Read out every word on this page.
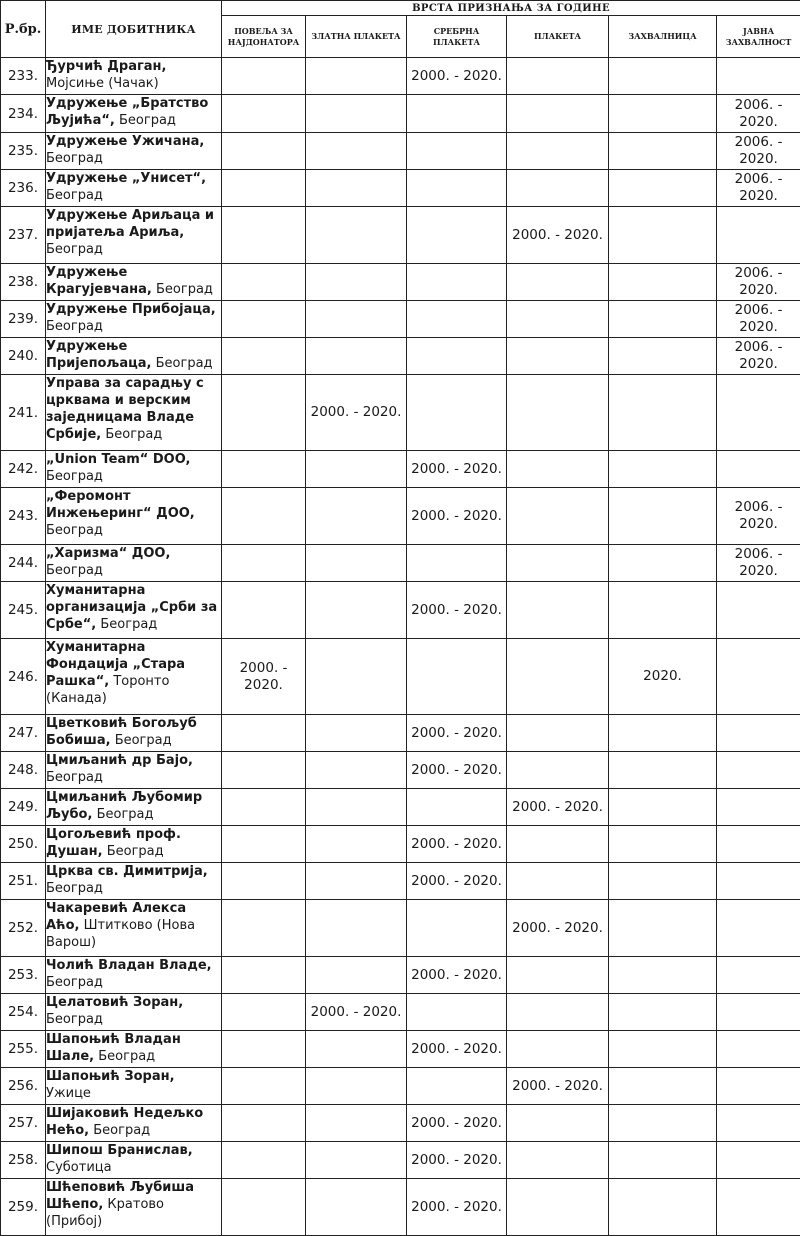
Р.бр.	ИМЕ ДОБИТНИКА	ВРСТА ПРИЗНАЊА ЗА ГОДИНЕ					
		ПОВЕЉА ЗА
НАЈДОНАТОРА	ЗЛАТНА ПЛАКЕТА	СРЕБРНА
ПЛАКЕТА	ПЛАКЕТА	ЗАХВАЛНИЦА	ЈАВНА
ЗАХВАЛНОСТ
233.	Ђурчић Драган, Мојсиње (Чачак)			2000. - 2020.			
234.	Удружење „Братство Љујића“, Београд						2006. -
2020.
235.	Удружење Ужичана, Београд						2006. -
2020.
236.	Удружење „Унисет“, Београд						2006. -
2020.
237.	Удружење Ариљаца и пријатеља Ариља, Београд				2000. - 2020.		
238.	Удружење Крагујевчана, Београд						2006. -
2020.
239.	Удружење Прибојаца, Београд						2006. -
2020.
240.	Удружење Пријепољаца, Београд						2006. -
2020.
241.	Управа за сарадњу с црквама и верским заједницама Владе Србије, Београд		2000. - 2020.				
242.	„Union Team“ DOO, Београд			2000. - 2020.			
243.	„Феромонт Инжењеринг“ ДОО, Београд			2000. - 2020.			2006. -
2020.
244.	„Харизма“ ДОО, Београд						2006. -
2020.
245.	Хуманитарна организација „Срби за Србе“, Београд			2000. - 2020.			
246.	Хуманитарна Фондација „Стара Рашка“, Торонто (Канада)	2000. -
2020.				2020.	
247.	Цветковић Богољуб Бобиша, Београд			2000. - 2020.			
248.	Цмиљанић др Бајо, Београд			2000. - 2020.			
249.	Цмиљанић Љубомир Љубо, Београд				2000. - 2020.		
250.	Цогољевић проф. Душан, Београд			2000. - 2020.			
251.	Црква св. Димитрија, Београд			2000. - 2020.			
252.	Чакаревић Алекса Аћо, Штитково (Нова Варош)				2000. - 2020.		
253.	Чолић Владан Владе, Београд			2000. - 2020.			
254.	Целатовић Зоран, Београд		2000. - 2020.				
255.	Шапоњић Владан Шале, Београд			2000. - 2020.			
256.	Шапоњић Зоран, Ужице				2000. - 2020.		
257.	Шијаковић Недељко Нећо, Београд			2000. - 2020.			
258.	Шипош Бранислав, Суботица			2000. - 2020.			
259.	Шћеповић Љубиша Шћепо, Кратово (Прибој)			2000. - 2020.			
